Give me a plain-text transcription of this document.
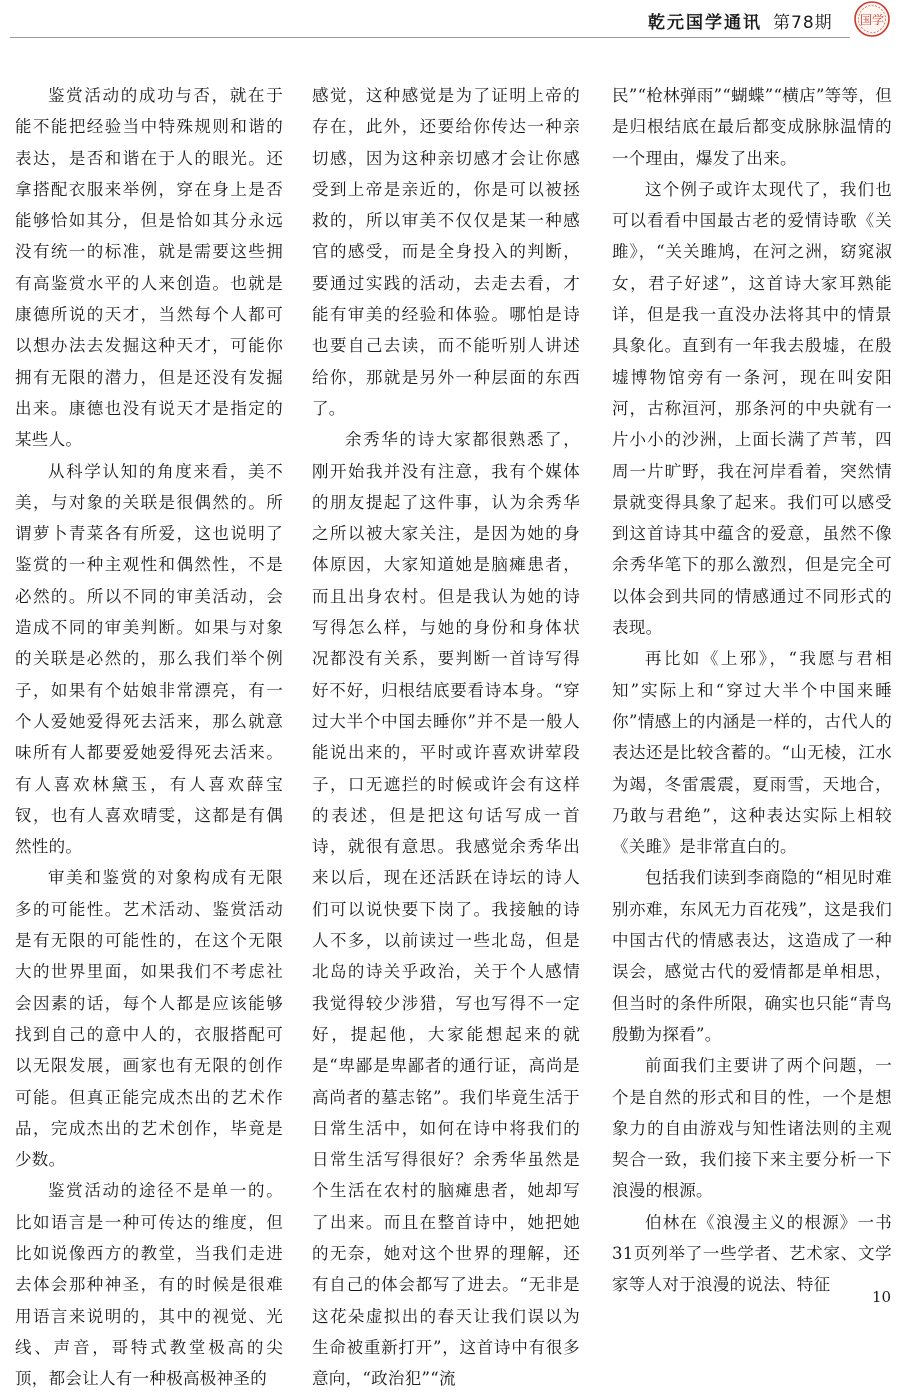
乾元国学通讯 第78期 国学

鉴赏活动的成功与否，就在于能不能把经验当中特殊规则和谐的表达，是否和谐在于人的眼光。还拿搭配衣服来举例，穿在身上是否能够恰如其分，但是恰如其分永远没有统一的标准，就是需要这些拥有高鉴赏水平的人来创造。也就是康德所说的天才，当然每个人都可以想办法去发掘这种天才，可能你拥有无限的潜力，但是还没有发掘出来。康德也没有说天才是指定的某些人。

从科学认知的角度来看，美不美，与对象的关联是很偶然的。所谓萝卜青菜各有所爱，这也说明了鉴赏的一种主观性和偶然性，不是必然的。所以不同的审美活动，会造成不同的审美判断。如果与对象的关联是必然的，那么我们举个例子，如果有个姑娘非常漂亮，有一个人爱她爱得死去活来，那么就意味所有人都要爱她爱得死去活来。有人喜欢林黛玉，有人喜欢薛宝钗，也有人喜欢晴雯，这都是有偶然性的。

审美和鉴赏的对象构成有无限多的可能性。艺术活动、鉴赏活动是有无限的可能性的，在这个无限大的世界里面，如果我们不考虑社会因素的话，每个人都是应该能够找到自己的意中人的，衣服搭配可以无限发展，画家也有无限的创作可能。但真正能完成杰出的艺术作品，完成杰出的艺术创作，毕竟是少数。

鉴赏活动的途径不是单一的。比如语言是一种可传达的维度，但比如说像西方的教堂，当我们走进去体会那种神圣，有的时候是很难用语言来说明的，其中的视觉、光线、声音，哥特式教堂极高的尖顶，都会让人有一种极高极神圣的

感觉，这种感觉是为了证明上帝的存在，此外，还要给你传达一种亲切感，因为这种亲切感才会让你感受到上帝是亲近的，你是可以被拯救的，所以审美不仅仅是某一种感官的感受，而是全身投入的判断，要通过实践的活动，去走去看，才能有审美的经验和体验。哪怕是诗也要自己去读，而不能听别人讲述给你，那就是另外一种层面的东西了。

余秀华的诗大家都很熟悉了，刚开始我并没有注意，我有个媒体的朋友提起了这件事，认为余秀华之所以被大家关注，是因为她的身体原因，大家知道她是脑瘫患者，而且出身农村。但是我认为她的诗写得怎么样，与她的身份和身体状况都没有关系，要判断一首诗写得好不好，归根结底要看诗本身。“穿过大半个中国去睡你”并不是一般人能说出来的，平时或许喜欢讲荤段子，口无遮拦的时候或许会有这样的表述，但是把这句话写成一首诗，就很有意思。我感觉余秀华出来以后，现在还活跃在诗坛的诗人们可以说快要下岗了。我接触的诗人不多，以前读过一些北岛，但是北岛的诗关乎政治，关于个人感情我觉得较少涉猎，写也写得不一定好，提起他，大家能想起来的就是“卑鄙是卑鄙者的通行证，高尚是高尚者的墓志铭”。我们毕竟生活于日常生活中，如何在诗中将我们的日常生活写得很好？余秀华虽然是个生活在农村的脑瘫患者，她却写了出来。而且在整首诗中，她把她的无奈，她对这个世界的理解，还有自己的体会都写了进去。“无非是这花朵虚拟出的春天让我们误以为生命被重新打开”，这首诗中有很多意向，“政治犯”“流

民”“枪林弹雨”“蝴蝶”“横店”等等，但是归根结底在最后都变成脉脉温情的一个理由，爆发了出来。

这个例子或许太现代了，我们也可以看看中国最古老的爱情诗歌《关雎》，“关关雎鸠，在河之洲，窈窕淑女，君子好逑”，这首诗大家耳熟能详，但是我一直没办法将其中的情景具象化。直到有一年我去殷墟，在殷墟博物馆旁有一条河，现在叫安阳河，古称洹河，那条河的中央就有一片小小的沙洲，上面长满了芦苇，四周一片旷野，我在河岸看着，突然情景就变得具象了起来。我们可以感受到这首诗其中蕴含的爱意，虽然不像余秀华笔下的那么激烈，但是完全可以体会到共同的情感通过不同形式的表现。

再比如《上邪》，“我愿与君相知”实际上和“穿过大半个中国来睡你”情感上的内涵是一样的，古代人的表达还是比较含蓄的。“山无棱，江水为竭，冬雷震震，夏雨雪，天地合，乃敢与君绝”，这种表达实际上相较《关雎》是非常直白的。

包括我们读到李商隐的“相见时难别亦难，东风无力百花残”，这是我们中国古代的情感表达，这造成了一种误会，感觉古代的爱情都是单相思，但当时的条件所限，确实也只能“青鸟殷勤为探看”。

前面我们主要讲了两个问题，一个是自然的形式和目的性，一个是想象力的自由游戏与知性诸法则的主观契合一致，我们接下来主要分析一下浪漫的根源。

伯林在《浪漫主义的根源》一书31页列举了一些学者、艺术家、文学家等人对于浪漫的说法、特征

10
